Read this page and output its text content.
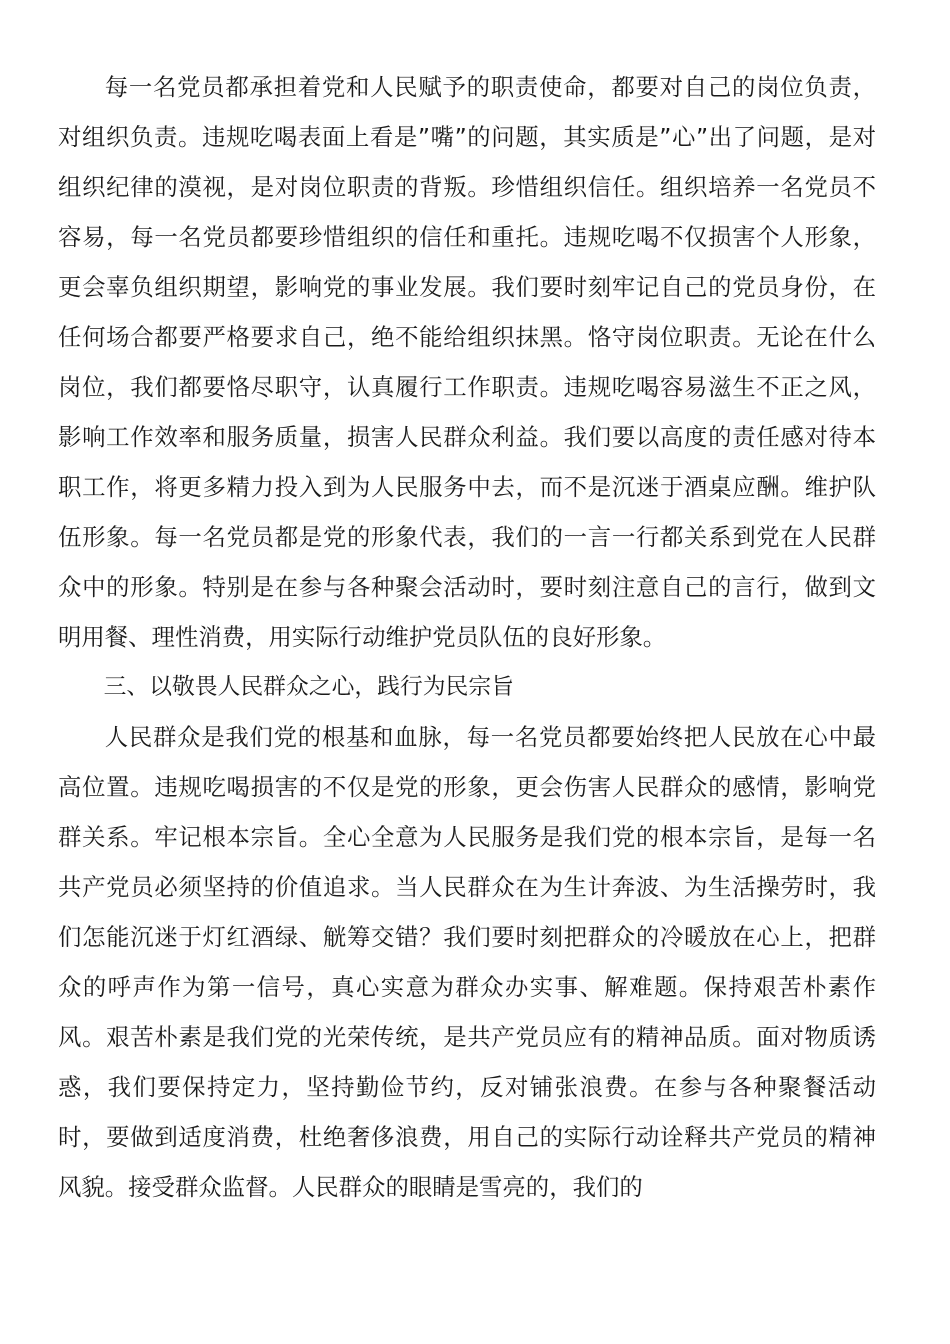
每一名党员都承担着党和人民赋予的职责使命，都要对自己的岗位负责，对组织负责。违规吃喝表面上看是”嘴”的问题，其实质是”心”出了问题，是对组织纪律的漠视，是对岗位职责的背叛。珍惜组织信任。组织培养一名党员不容易，每一名党员都要珍惜组织的信任和重托。违规吃喝不仅损害个人形象，更会辜负组织期望，影响党的事业发展。我们要时刻牢记自己的党员身份，在任何场合都要严格要求自己，绝不能给组织抹黑。恪守岗位职责。无论在什么岗位，我们都要恪尽职守，认真履行工作职责。违规吃喝容易滋生不正之风，影响工作效率和服务质量，损害人民群众利益。我们要以高度的责任感对待本职工作，将更多精力投入到为人民服务中去，而不是沉迷于酒桌应酬。维护队伍形象。每一名党员都是党的形象代表，我们的一言一行都关系到党在人民群众中的形象。特别是在参与各种聚会活动时，要时刻注意自己的言行，做到文明用餐、理性消费，用实际行动维护党员队伍的良好形象。

三、以敬畏人民群众之心，践行为民宗旨

人民群众是我们党的根基和血脉，每一名党员都要始终把人民放在心中最高位置。违规吃喝损害的不仅是党的形象，更会伤害人民群众的感情，影响党群关系。牢记根本宗旨。全心全意为人民服务是我们党的根本宗旨，是每一名共产党员必须坚持的价值追求。当人民群众在为生计奔波、为生活操劳时，我们怎能沉迷于灯红酒绿、觥筹交错？我们要时刻把群众的冷暖放在心上，把群众的呼声作为第一信号，真心实意为群众办实事、解难题。保持艰苦朴素作风。艰苦朴素是我们党的光荣传统，是共产党员应有的精神品质。面对物质诱惑，我们要保持定力，坚持勤俭节约，反对铺张浪费。在参与各种聚餐活动时，要做到适度消费，杜绝奢侈浪费，用自己的实际行动诠释共产党员的精神风貌。接受群众监督。人民群众的眼睛是雪亮的，我们的
